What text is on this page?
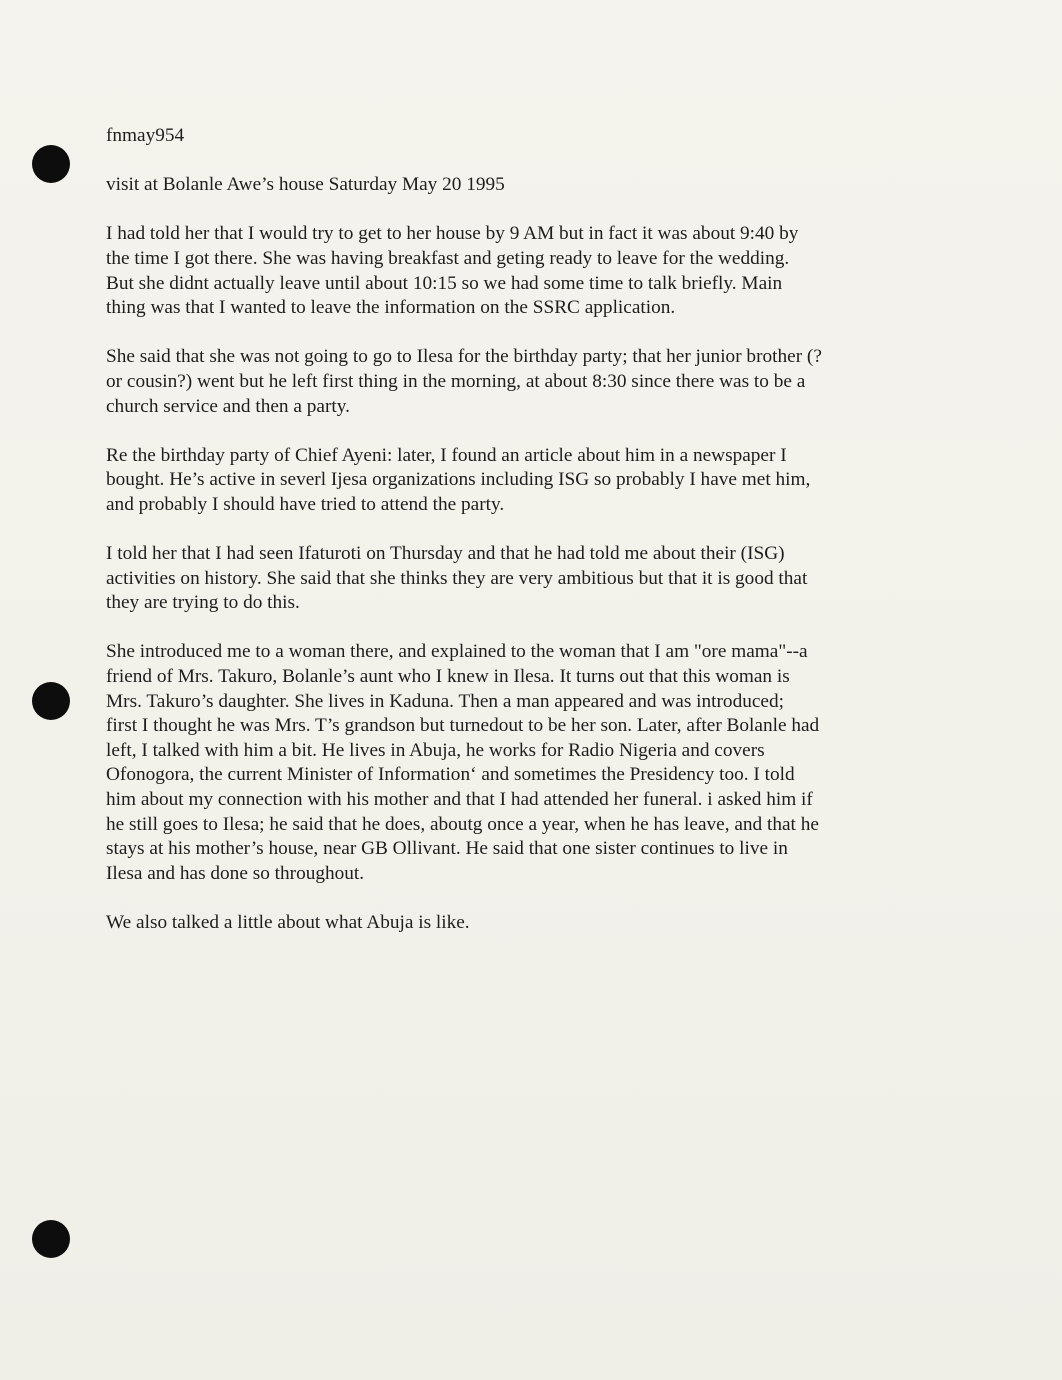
fnmay954
visit at Bolanle Awe’s house Saturday May 20 1995
I had told her that I would try to get to her house by 9 AM but in fact it was about 9:40 by
the time I got there. She was having breakfast and geting ready to leave for the wedding.
But she didnt actually leave until about 10:15 so we had some time to talk briefly. Main
thing was that I wanted to leave the information on the SSRC application.
She said that she was not going to go to Ilesa for the birthday party; that her junior brother (?
or cousin?) went but he left first thing in the morning, at about 8:30 since there was to be a
church service and then a party.
Re the birthday party of Chief Ayeni: later, I found an article about him in a newspaper I
bought. He’s active in severl Ijesa organizations including ISG so probably I have met him,
and probably I should have tried to attend the party.
I told her that I had seen Ifaturoti on Thursday and that he had told me about their (ISG)
activities on history. She said that she thinks they are very ambitious but that it is good that
they are trying to do this.
She introduced me to a woman there, and explained to the woman that I am "ore mama"--a
friend of Mrs. Takuro, Bolanle’s aunt who I knew in Ilesa. It turns out that this woman is
Mrs. Takuro’s daughter. She lives in Kaduna. Then a man appeared and was introduced;
first I thought he was Mrs. T’s grandson but turnedout to be her son. Later, after Bolanle had
left, I talked with him a bit. He lives in Abuja, he works for Radio Nigeria and covers
Ofonogora, the current Minister of Information‘ and sometimes the Presidency too. I told
him about my connection with his mother and that I had attended her funeral. i asked him if
he still goes to Ilesa; he said that he does, aboutg once a year, when he has leave, and that he
stays at his mother’s house, near GB Ollivant. He said that one sister continues to live in
Ilesa and has done so throughout.
We also talked a little about what Abuja is like.
